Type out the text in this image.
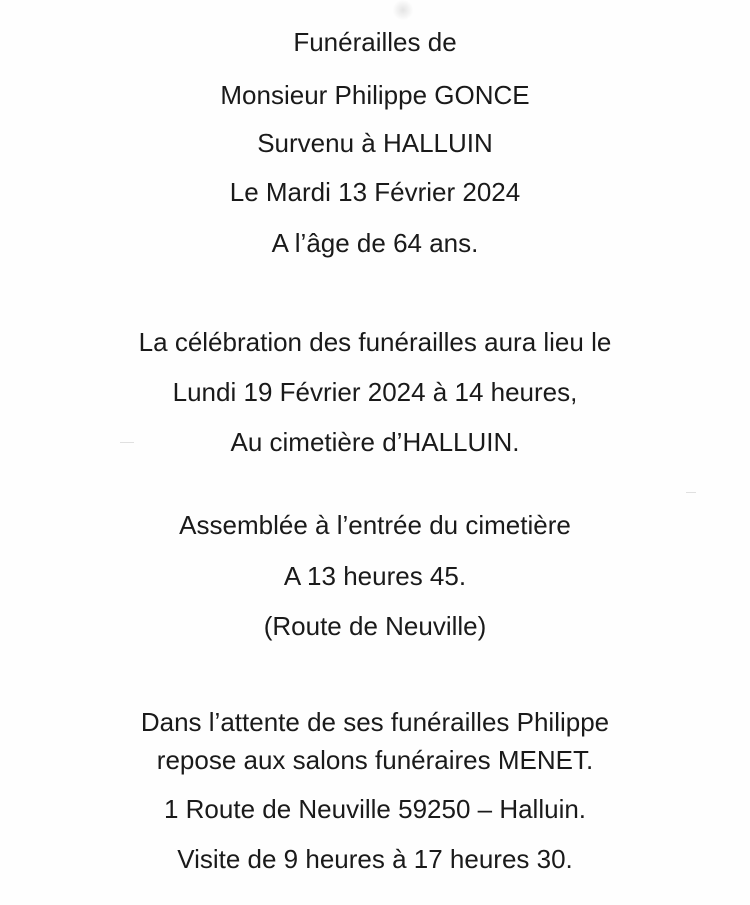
Funérailles de
Monsieur Philippe GONCE
Survenu à HALLUIN
Le Mardi 13 Février 2024
A l’âge de 64 ans.
La célébration des funérailles aura lieu le
Lundi 19 Février 2024 à 14 heures,
Au cimetière d’HALLUIN.
Assemblée à l’entrée du cimetière
A 13 heures 45.
(Route de Neuville)
Dans l’attente de ses funérailles Philippe
repose aux salons funéraires MENET.
1 Route de Neuville 59250 – Halluin.
Visite de 9 heures à 17 heures 30.
